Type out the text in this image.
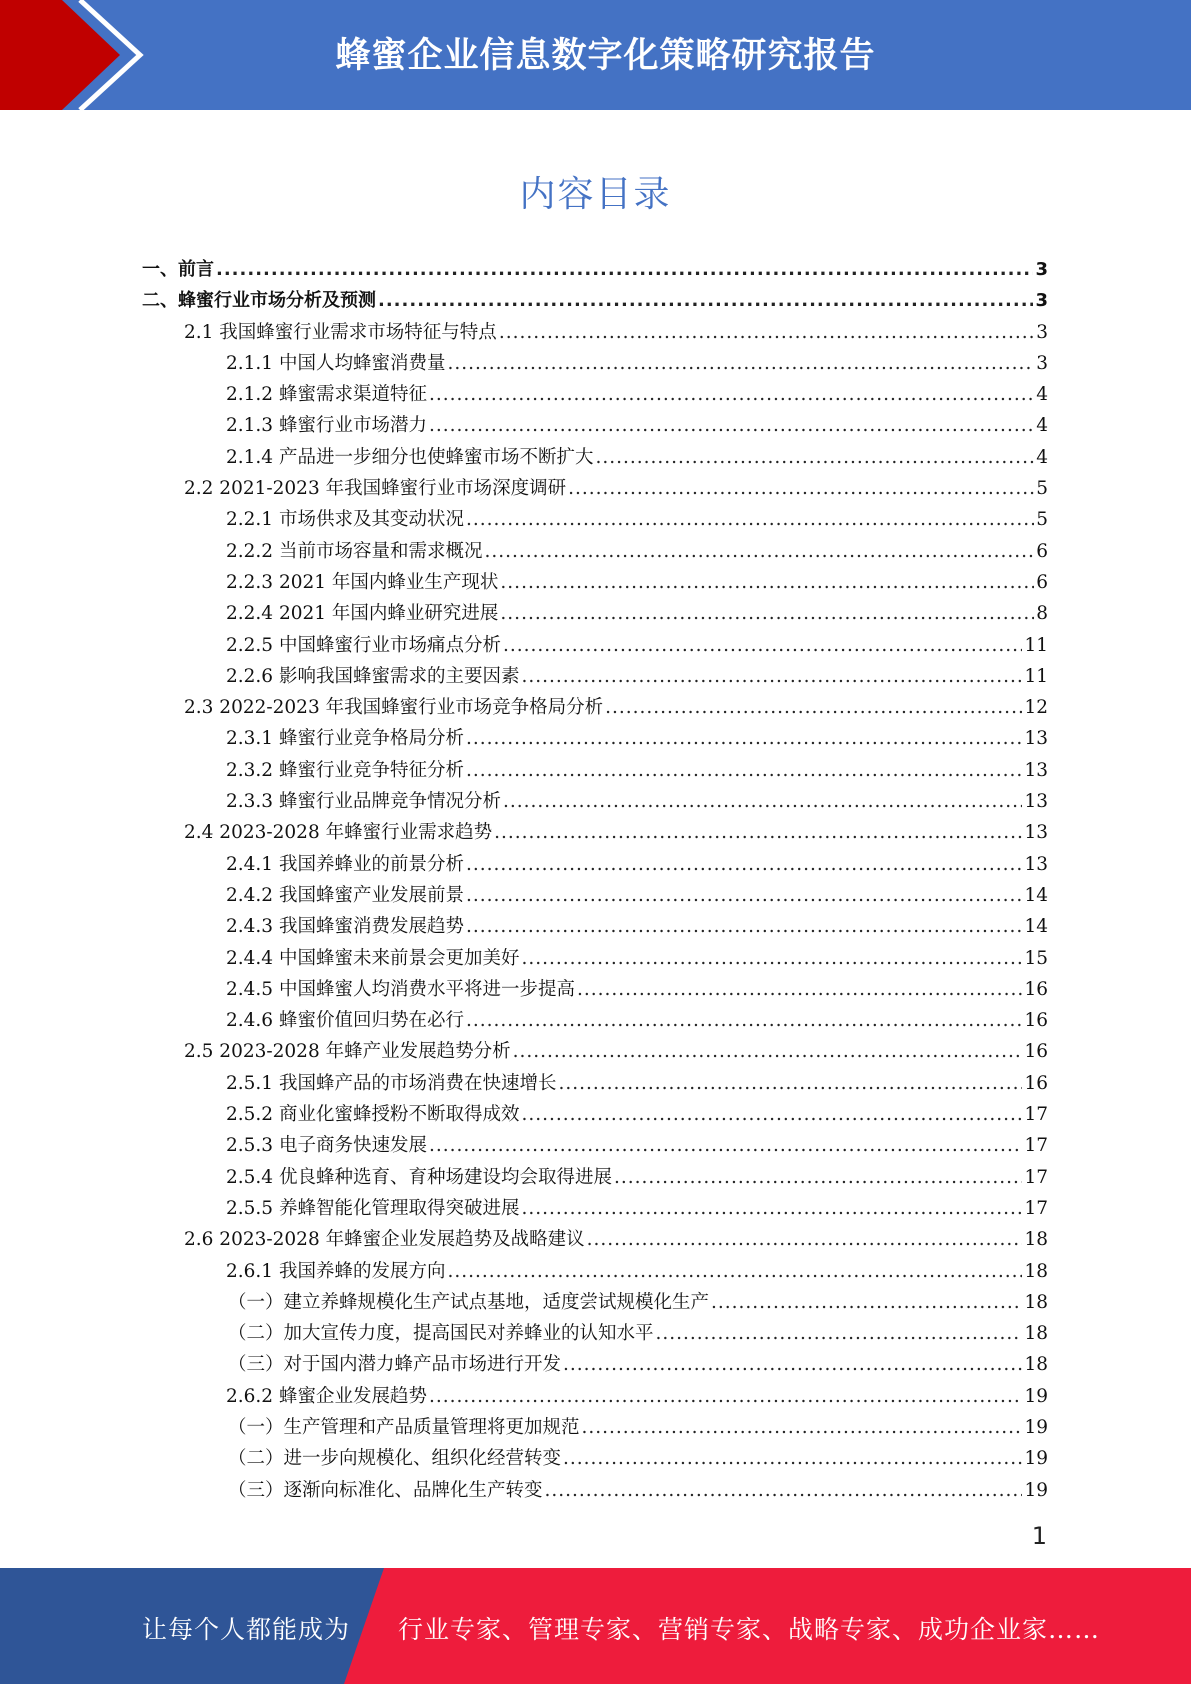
蜂蜜企业信息数字化策略研究报告
内容目录
一、前言 .....	3
二、蜂蜜行业市场分析及预测 .....	3
2.1 我国蜂蜜行业需求市场特征与特点 .....	3
2.1.1 中国人均蜂蜜消费量 .....	3
2.1.2 蜂蜜需求渠道特征 .....	4
2.1.3 蜂蜜行业市场潜力 .....	4
2.1.4 产品进一步细分也使蜂蜜市场不断扩大 .....	4
2.2 2021-2023 年我国蜂蜜行业市场深度调研 .....	5
2.2.1 市场供求及其变动状况 .....	5
2.2.2 当前市场容量和需求概况 .....	6
2.2.3 2021 年国内蜂业生产现状 .....	6
2.2.4 2021 年国内蜂业研究进展 .....	8
2.2.5 中国蜂蜜行业市场痛点分析 .....	11
2.2.6 影响我国蜂蜜需求的主要因素 .....	11
2.3 2022-2023 年我国蜂蜜行业市场竞争格局分析 .....	12
2.3.1 蜂蜜行业竞争格局分析 .....	13
2.3.2 蜂蜜行业竞争特征分析 .....	13
2.3.3 蜂蜜行业品牌竞争情况分析 .....	13
2.4 2023-2028 年蜂蜜行业需求趋势 .....	13
2.4.1 我国养蜂业的前景分析 .....	13
2.4.2 我国蜂蜜产业发展前景 .....	14
2.4.3 我国蜂蜜消费发展趋势 .....	14
2.4.4 中国蜂蜜未来前景会更加美好 .....	15
2.4.5 中国蜂蜜人均消费水平将进一步提高 .....	16
2.4.6 蜂蜜价值回归势在必行 .....	16
2.5 2023-2028 年蜂产业发展趋势分析 .....	16
2.5.1 我国蜂产品的市场消费在快速增长 .....	16
2.5.2 商业化蜜蜂授粉不断取得成效 .....	17
2.5.3 电子商务快速发展 .....	17
2.5.4 优良蜂种选育、育种场建设均会取得进展 .....	17
2.5.5 养蜂智能化管理取得突破进展 .....	17
2.6 2023-2028 年蜂蜜企业发展趋势及战略建议 .....	18
2.6.1 我国养蜂的发展方向 .....	18
（一）建立养蜂规模化生产试点基地，适度尝试规模化生产 .....	18
（二）加大宣传力度，提高国民对养蜂业的认知水平 .....	18
（三）对于国内潜力蜂产品市场进行开发 .....	18
2.6.2 蜂蜜企业发展趋势 .....	19
（一）生产管理和产品质量管理将更加规范 .....	19
（二）进一步向规模化、组织化经营转变 .....	19
（三）逐渐向标准化、品牌化生产转变 .....	19
1
让每个人都能成为 行业专家、管理专家、营销专家、战略专家、成功企业家……
